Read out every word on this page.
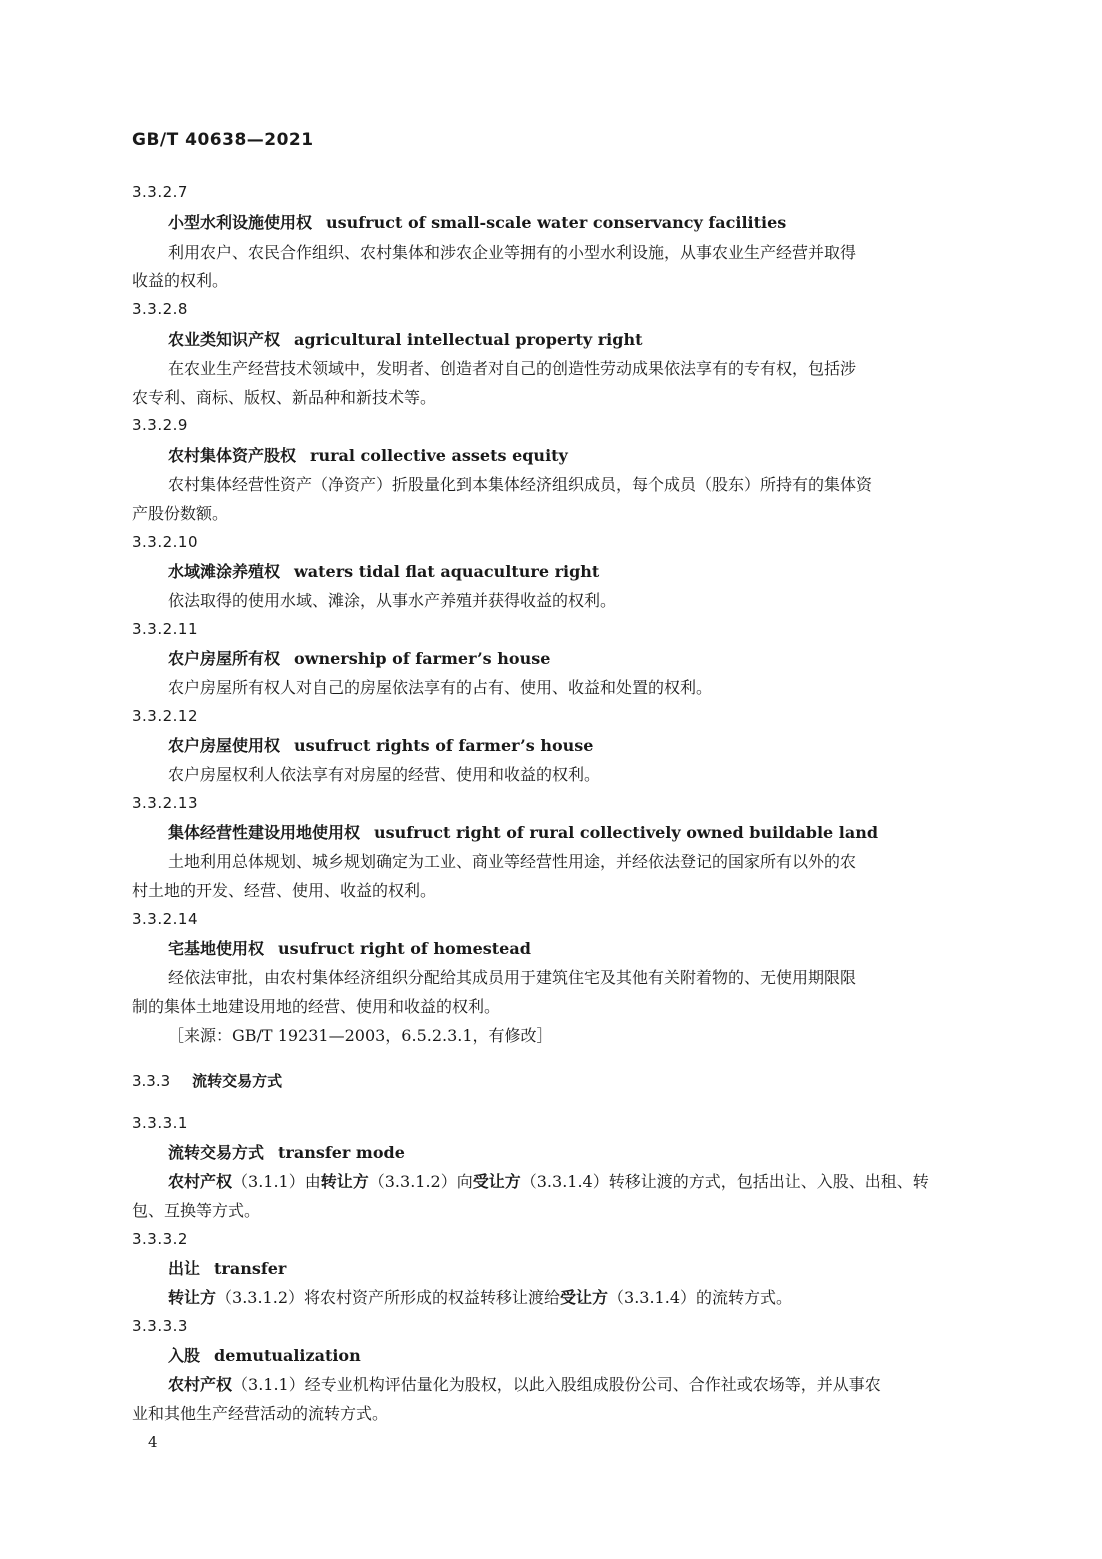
GB/T 40638—2021
3.3.2.7
小型水利设施使用权 usufruct of small-scale water conservancy facilities
利用农户、农民合作组织、农村集体和涉农企业等拥有的小型水利设施，从事农业生产经营并取得
收益的权利。
3.3.2.8
农业类知识产权 agricultural intellectual property right
在农业生产经营技术领域中，发明者、创造者对自己的创造性劳动成果依法享有的专有权，包括涉
农专利、商标、版权、新品种和新技术等。
3.3.2.9
农村集体资产股权 rural collective assets equity
农村集体经营性资产（净资产）折股量化到本集体经济组织成员，每个成员（股东）所持有的集体资
产股份数额。
3.3.2.10
水域滩涂养殖权 waters tidal flat aquaculture right
依法取得的使用水域、滩涂，从事水产养殖并获得收益的权利。
3.3.2.11
农户房屋所有权 ownership of farmer’s house
农户房屋所有权人对自己的房屋依法享有的占有、使用、收益和处置的权利。
3.3.2.12
农户房屋使用权 usufruct rights of farmer’s house
农户房屋权利人依法享有对房屋的经营、使用和收益的权利。
3.3.2.13
集体经营性建设用地使用权 usufruct right of rural collectively owned buildable land
土地利用总体规划、城乡规划确定为工业、商业等经营性用途，并经依法登记的国家所有以外的农
村土地的开发、经营、使用、收益的权利。
3.3.2.14
宅基地使用权 usufruct right of homestead
经依法审批，由农村集体经济组织分配给其成员用于建筑住宅及其他有关附着物的、无使用期限限
制的集体土地建设用地的经营、使用和收益的权利。
［来源：GB/T 19231—2003，6.5.2.3.1，有修改］
3.3.3 流转交易方式
3.3.3.1
流转交易方式 transfer mode
农村产权（3.1.1）由转让方（3.3.1.2）向受让方（3.3.1.4）转移让渡的方式，包括出让、入股、出租、转
包、互换等方式。
3.3.3.2
出让 transfer
转让方（3.3.1.2）将农村资产所形成的权益转移让渡给受让方（3.3.1.4）的流转方式。
3.3.3.3
入股 demutualization
农村产权（3.1.1）经专业机构评估量化为股权，以此入股组成股份公司、合作社或农场等，并从事农
业和其他生产经营活动的流转方式。
4
